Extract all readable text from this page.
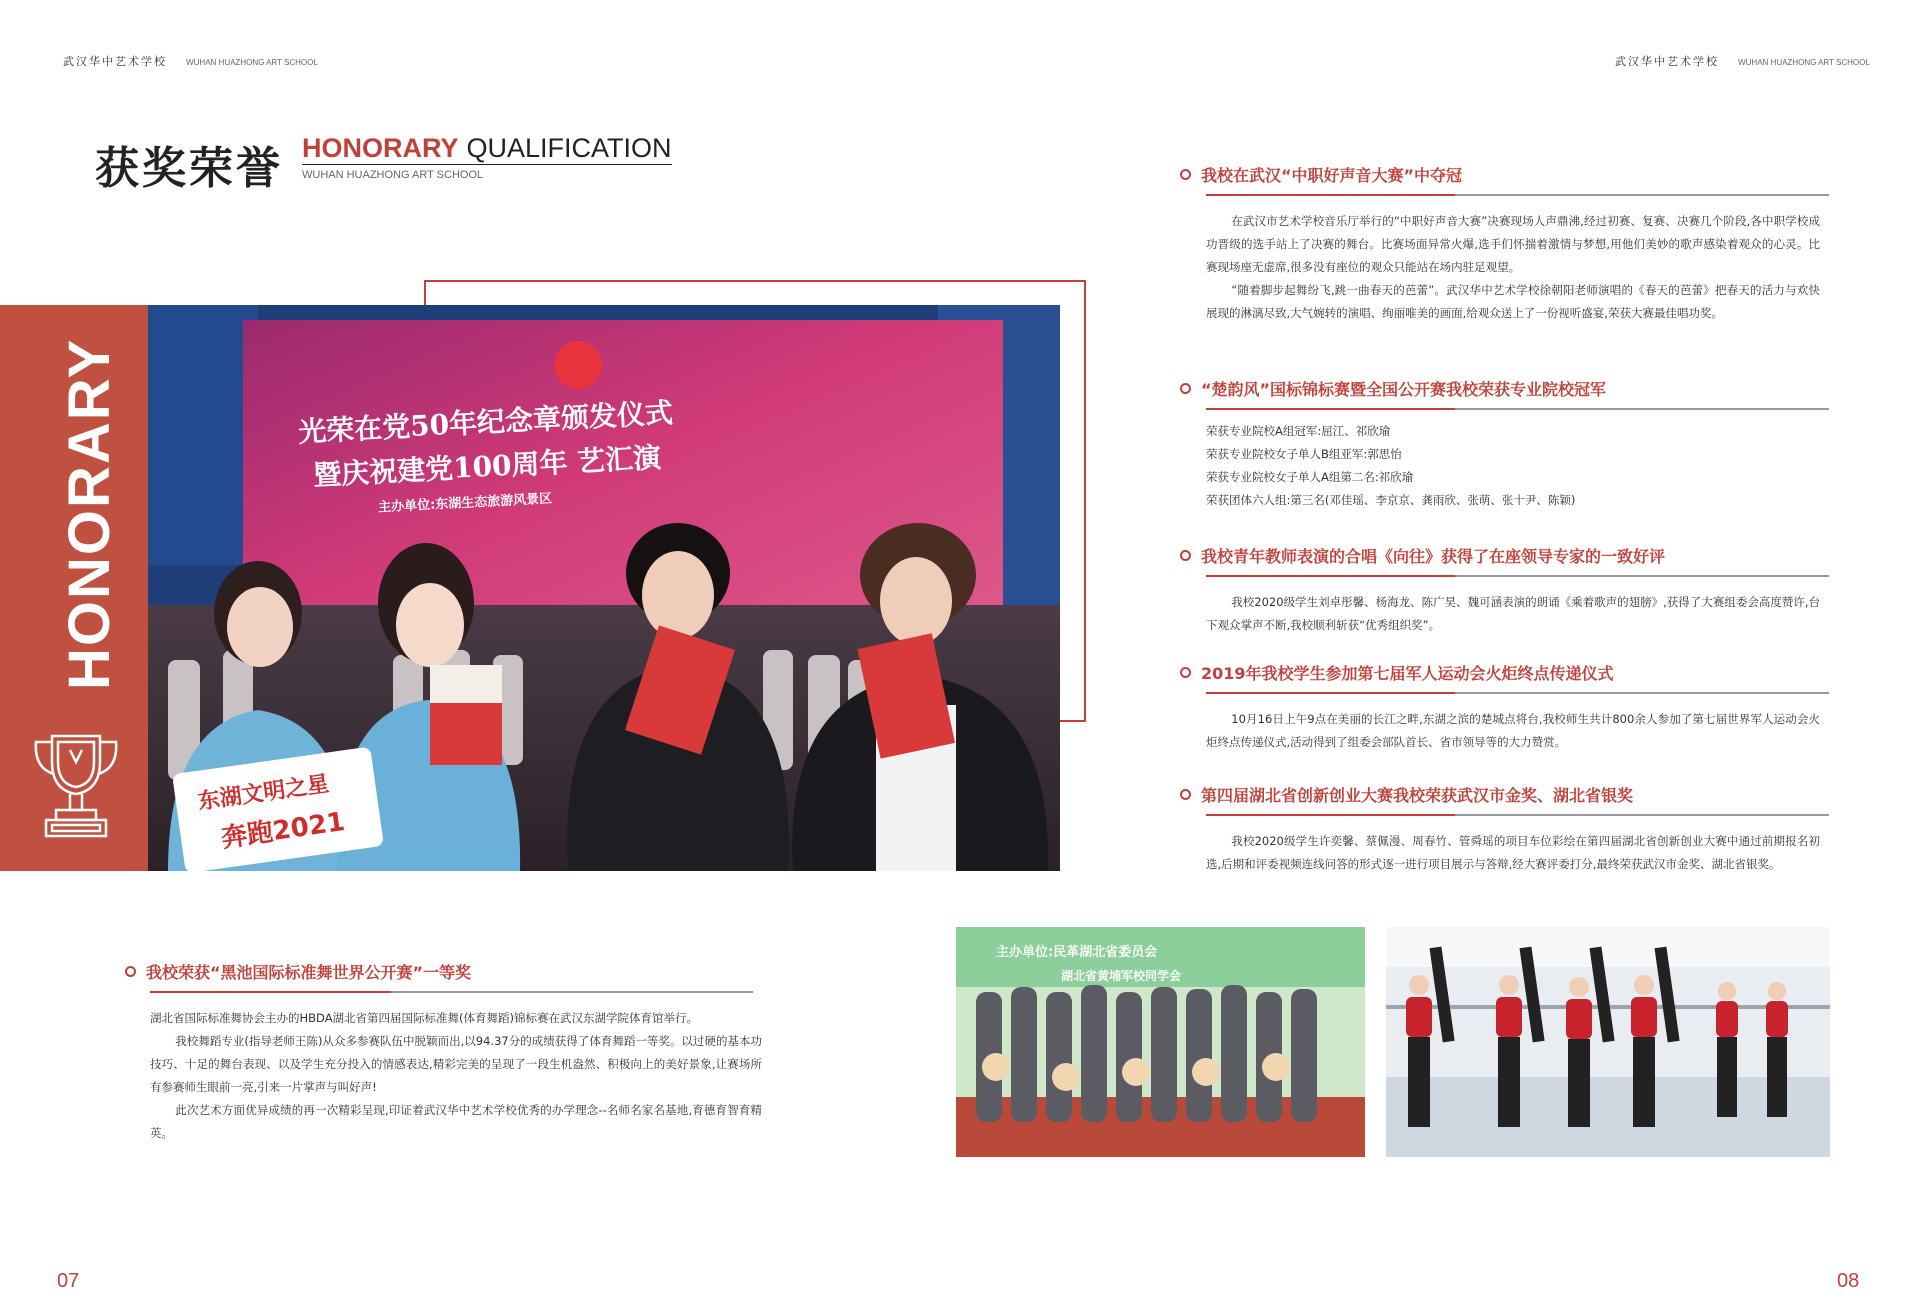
武汉华中艺术学校 WUHAN HUAZHONG ART SCHOOL	武汉华中艺术学校 WUHAN HUAZHONG ART SCHOOL
获奖荣誉 HONORARY QUALIFICATION
WUHAN HUAZHONG ART SCHOOL
HONORARY	光荣在党50年纪念章颁发仪式
暨庆祝建党100周年 艺汇演
主办单位:东湖生态旅游风景区
东湖文明之星
奔跑2021
我校在武汉“中职好声音大赛”中夺冠

在武汉市艺术学校音乐厅举行的“中职好声音大赛”决赛现场人声鼎沸,经过初赛、复赛、决赛几个阶段,各中职学校成功晋级的选手站上了决赛的舞台。比赛场面异常火爆,选手们怀揣着激情与梦想,用他们美妙的歌声感染着观众的心灵。比赛现场座无虚席,很多没有座位的观众只能站在场内驻足观望。

“随着脚步起舞纷飞,跳一曲春天的芭蕾”。武汉华中艺术学校徐朝阳老师演唱的《春天的芭蕾》把春天的活力与欢快展现的淋漓尽致,大气婉转的演唱、绚丽唯美的画面,给观众送上了一份视听盛宴,荣获大赛最佳唱功奖。

“楚韵风”国标锦标赛暨全国公开赛我校荣获专业院校冠军
荣获专业院校A组冠军:屈江、祁欣瑜
荣获专业院校女子单人B组亚军:郭思怡
荣获专业院校女子单人A组第二名:祁欣瑜
荣获团体六人组:第三名(邓佳瑶、李京京、龚雨欣、张萌、张十尹、陈颖)
我校青年教师表演的合唱《向往》获得了在座领导专家的一致好评

我校2020级学生刘卓彤馨、杨海龙、陈广昊、魏可涵表演的朗诵《乘着歌声的翅膀》,获得了大赛组委会高度赞许,台下观众掌声不断,我校顺利斩获“优秀组织奖”。

2019年我校学生参加第七届军人运动会火炬终点传递仪式

10月16日上午9点在美丽的长江之畔,东湖之滨的楚城点将台,我校师生共计800余人参加了第七届世界军人运动会火炬终点传递仪式,活动得到了组委会部队首长、省市领导等的大力赞赏。

第四届湖北省创新创业大赛我校荣获武汉市金奖、湖北省银奖

我校2020级学生许奕馨、蔡佩漫、周春竹、管舜瑶的项目车位彩绘在第四届湖北省创新创业大赛中通过前期报名初选,后期和评委视频连线问答的形式逐一进行项目展示与答辩,经大赛评委打分,最终荣获武汉市金奖、湖北省银奖。

我校荣获“黑池国际标准舞世界公开赛”一等奖

湖北省国际标准舞协会主办的HBDA湖北省第四届国际标准舞(体育舞蹈)锦标赛在武汉东湖学院体育馆举行。

我校舞蹈专业(指导老师王陈)从众多参赛队伍中脱颖而出,以94.37分的成绩获得了体育舞蹈一等奖。以过硬的基本功技巧、十足的舞台表现、以及学生充分投入的情感表达,精彩完美的呈现了一段生机盎然、积极向上的美好景象,让赛场所有参赛师生眼前一亮,引来一片掌声与叫好声!

此次艺术方面优异成绩的再一次精彩呈现,印证着武汉华中艺术学校优秀的办学理念--名师名家名基地,育德育智育精英。

主办单位:民革湖北省委员会
湖北省黄埔军校同学会
07	08
